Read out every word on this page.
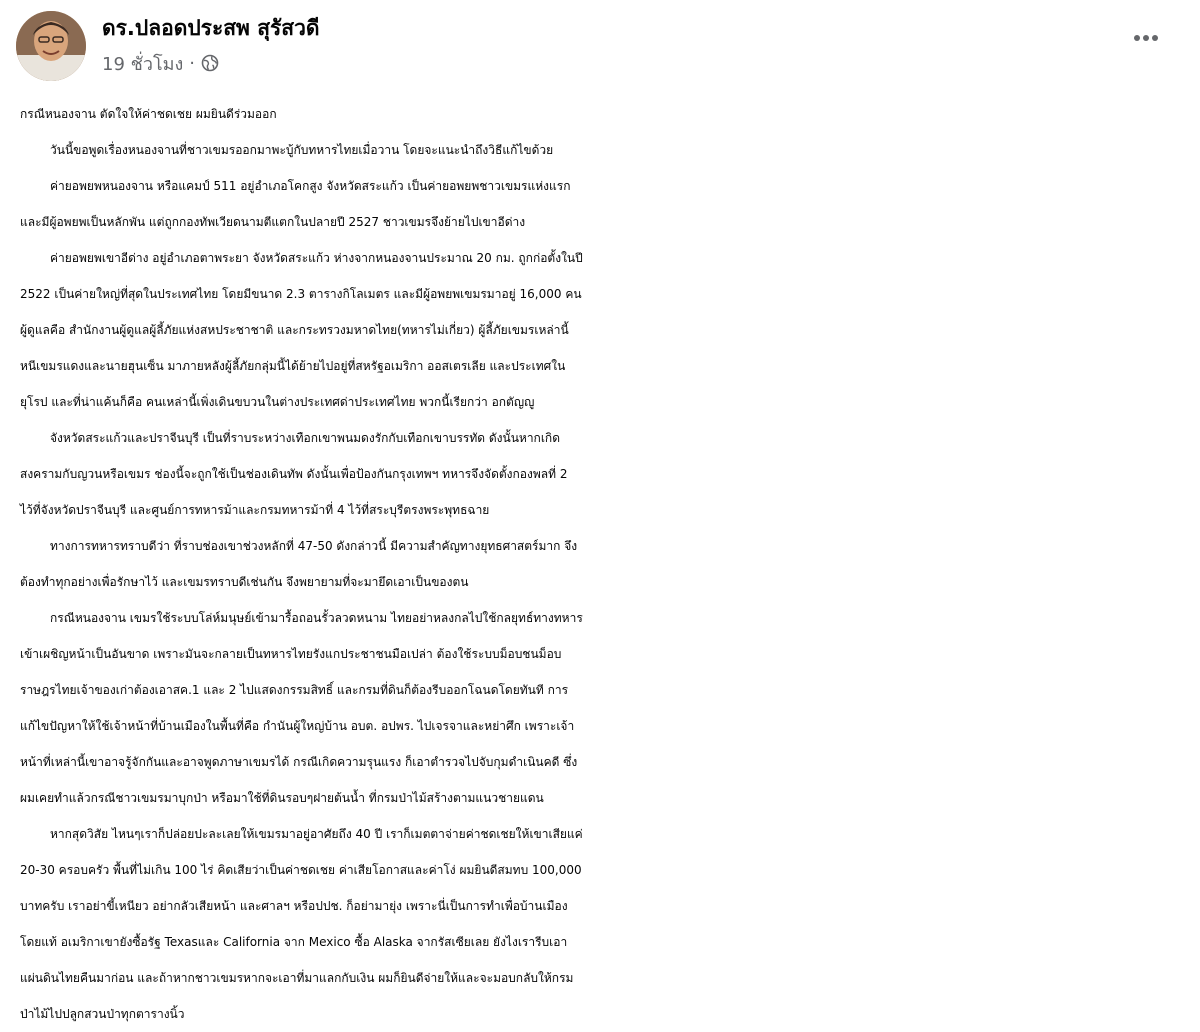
ดร.ปลอดประสพ สุรัสวดี
19 ชั่วโมง ·
กรณีหนองจาน ตัดใจให้ค่าชดเชย ผมยินดีร่วมออก
วันนี้ขอพูดเรื่องหนองจานที่ชาวเขมรออกมาพะบู้กับทหารไทยเมื่อวาน โดยจะแนะนำถึงวิธีแก้ไขด้วย
ค่ายอพยพหนองจาน หรือแคมป์ 511 อยู่อำเภอโคกสูง จังหวัดสระแก้ว เป็นค่ายอพยพชาวเขมรแห่งแรก
และมีผู้อพยพเป็นหลักพัน แต่ถูกกองทัพเวียดนามตีแตกในปลายปี 2527 ชาวเขมรจึงย้ายไปเขาอีด่าง
ค่ายอพยพเขาอีด่าง อยู่อำเภอตาพระยา จังหวัดสระแก้ว ห่างจากหนองจานประมาณ 20 กม. ถูกก่อตั้งในปี
2522 เป็นค่ายใหญ่ที่สุดในประเทศไทย โดยมีขนาด 2.3 ตารางกิโลเมตร และมีผู้อพยพเขมรมาอยู่ 16,000 คน
ผู้ดูแลคือ สำนักงานผู้ดูแลผู้ลี้ภัยแห่งสหประชาชาติ และกระทรวงมหาดไทย(ทหารไม่เกี่ยว) ผู้ลี้ภัยเขมรเหล่านี้
หนีเขมรแดงและนายฮุนเซ็น มาภายหลังผู้ลี้ภัยกลุ่มนี้ได้ย้ายไปอยู่ที่สหรัฐอเมริกา ออสเตรเลีย และประเทศใน
ยุโรป และที่น่าแค้นก็คือ คนเหล่านี้เพิ่งเดินขบวนในต่างประเทศด่าประเทศไทย พวกนี้เรียกว่า อกตัญญู
จังหวัดสระแก้วและปราจีนบุรี เป็นที่ราบระหว่างเทือกเขาพนมดงรักกับเทือกเขาบรรทัด ดังนั้นหากเกิด
สงครามกับญวนหรือเขมร ช่องนี้จะถูกใช้เป็นช่องเดินทัพ ดังนั้นเพื่อป้องกันกรุงเทพฯ ทหารจึงจัดตั้งกองพลที่ 2
ไว้ที่จังหวัดปราจีนบุรี และศูนย์การทหารม้าและกรมทหารม้าที่ 4 ไว้ที่สระบุรีตรงพระพุทธฉาย
ทางการทหารทราบดีว่า ที่ราบช่องเขาช่วงหลักที่ 47-50 ดังกล่าวนี้ มีความสำคัญทางยุทธศาสตร์มาก จึง
ต้องทำทุกอย่างเพื่อรักษาไว้ และเขมรทราบดีเช่นกัน จึงพยายามที่จะมายึดเอาเป็นของตน
กรณีหนองจาน เขมรใช้ระบบโล่ห์มนุษย์เข้ามารื้อถอนรั้วลวดหนาม ไทยอย่าหลงกลไปใช้กลยุทธ์ทางทหาร
เข้าเผชิญหน้าเป็นอันขาด เพราะมันจะกลายเป็นทหารไทยรังแกประชาชนมือเปล่า ต้องใช้ระบบม็อบชนม็อบ
ราษฎรไทยเจ้าของเก่าต้องเอาสค.1 และ 2 ไปแสดงกรรมสิทธิ์ และกรมที่ดินก็ต้องรีบออกโฉนดโดยทันที การ
แก้ไขปัญหาให้ใช้เจ้าหน้าที่บ้านเมืองในพื้นที่คือ กำนันผู้ใหญ่บ้าน อบต. อปพร. ไปเจรจาและหย่าศึก เพราะเจ้า
หน้าที่เหล่านี้เขาอาจรู้จักกันและอาจพูดภาษาเขมรได้ กรณีเกิดความรุนแรง ก็เอาตำรวจไปจับกุมดำเนินคดี ซึ่ง
ผมเคยทำแล้วกรณีชาวเขมรมาบุกป่า หรือมาใช้ที่ดินรอบๆฝายต้นน้ำ ที่กรมป่าไม้สร้างตามแนวชายแดน
หากสุดวิสัย ไหนๆเราก็ปล่อยปะละเลยให้เขมรมาอยู่อาศัยถึง 40 ปี เราก็เมตตาจ่ายค่าชดเชยให้เขาเสียแค่
20-30 ครอบครัว พื้นที่ไม่เกิน 100 ไร่ คิดเสียว่าเป็นค่าชดเชย ค่าเสียโอกาสและค่าโง่ ผมยินดีสมทบ 100,000
บาทครับ เราอย่าขี้เหนียว อย่ากลัวเสียหน้า และศาลฯ หรือปปช. ก็อย่ามายุ่ง เพราะนี่เป็นการทำเพื่อบ้านเมือง
โดยแท้ อเมริกาเขายังซื้อรัฐ Texasและ California จาก Mexico ซื้อ Alaska จากรัสเซียเลย ยังไงเรารีบเอา
แผ่นดินไทยคืนมาก่อน และถ้าหากชาวเขมรหากจะเอาที่มาแลกกับเงิน ผมก็ยินดีจ่ายให้และจะมอบกลับให้กรม
ป่าไม้ไปปลูกสวนป่าทุกตารางนิ้ว
